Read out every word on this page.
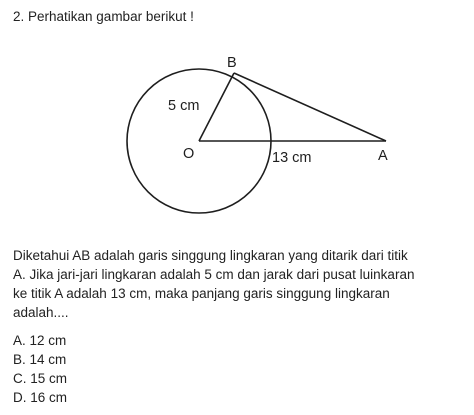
2. Perhatikan gambar berikut !
B
5 cm
O	13 cm	A

Diketahui AB adalah garis singgung lingkaran yang ditarik dari titik

A. Jika jari-jari lingkaran adalah 5 cm dan jarak dari pusat luinkaran

ke titik A adalah 13 cm, maka panjang garis singgung lingkaran

adalah....

A. 12 cm
B. 14 cm
C. 15 cm
D. 16 cm
